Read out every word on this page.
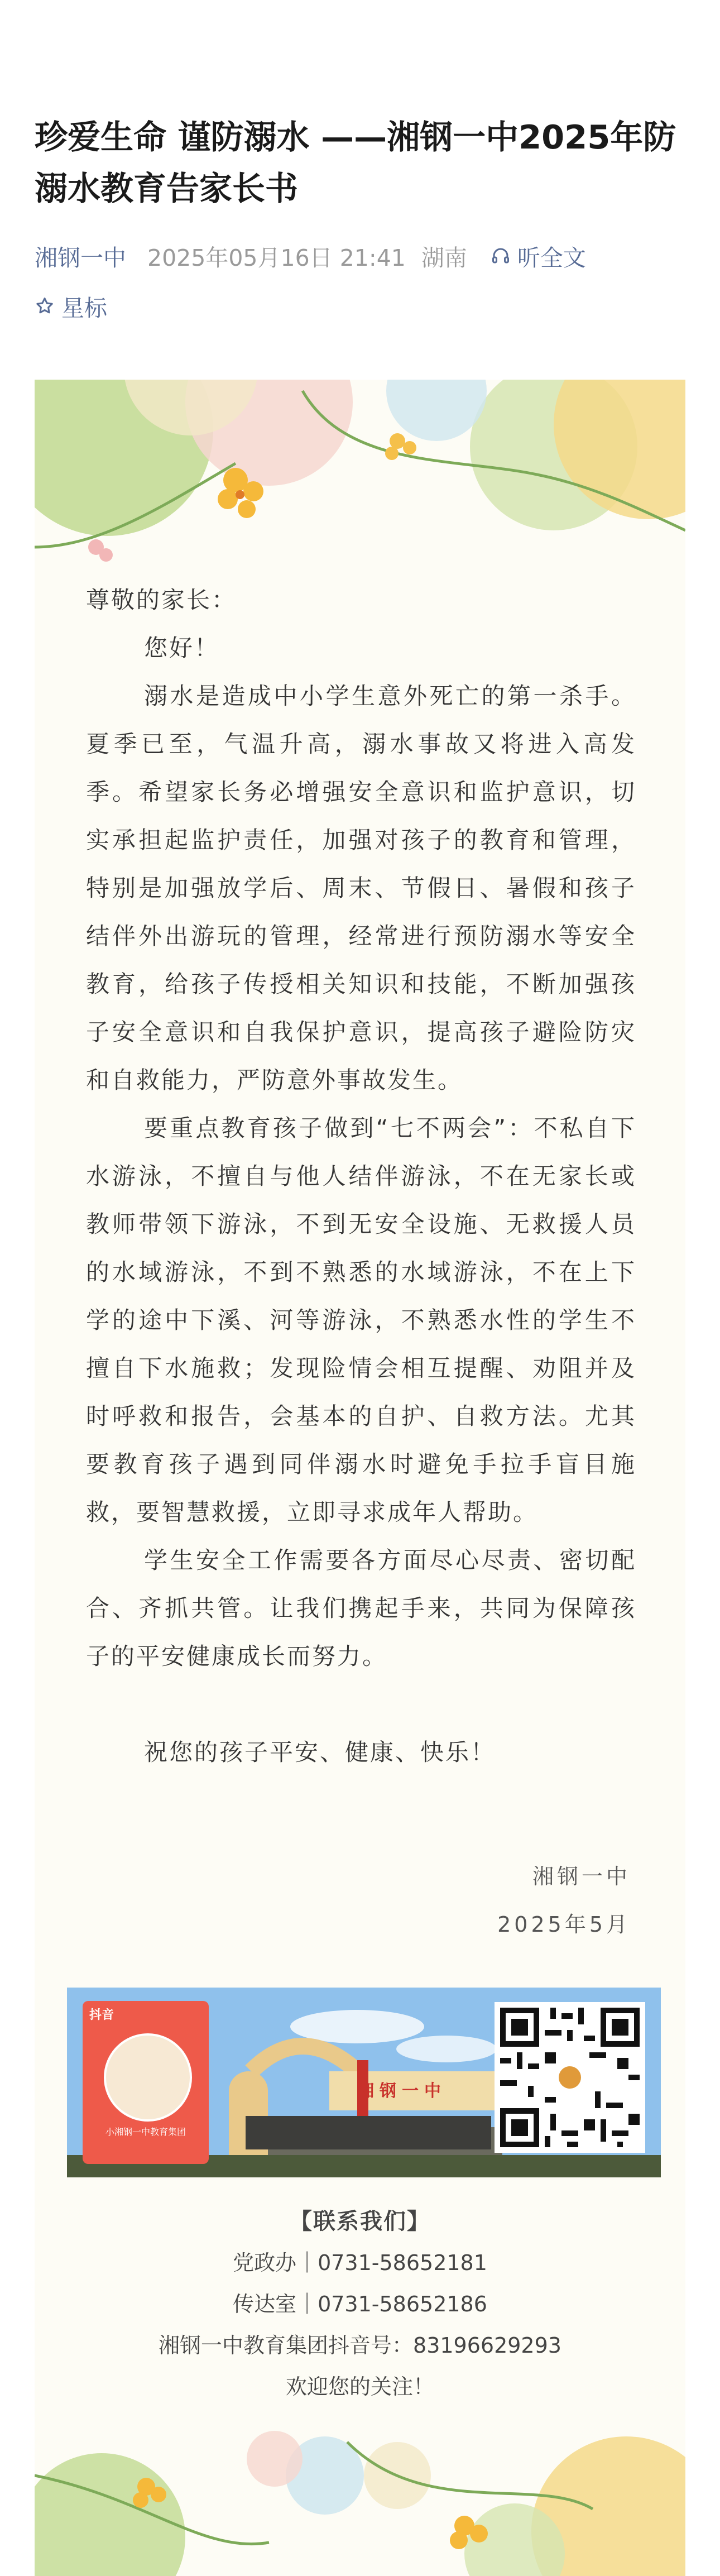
珍爱生命 谨防溺水 ——湘钢一中2025年防溺水教育告家长书
湘钢一中 2025年05月16日 21:41 湖南 听全文
星标

尊敬的家长：

您好！

溺水是造成中小学生意外死亡的第一杀手。夏季已至，气温升高，溺水事故又将进入高发季。希望家长务必增强安全意识和监护意识，切实承担起监护责任，加强对孩子的教育和管理，特别是加强放学后、周末、节假日、暑假和孩子结伴外出游玩的管理，经常进行预防溺水等安全教育，给孩子传授相关知识和技能，不断加强孩子安全意识和自我保护意识，提高孩子避险防灾和自救能力，严防意外事故发生。

要重点教育孩子做到“七不两会”：不私自下水游泳，不擅自与他人结伴游泳，不在无家长或教师带领下游泳，不到无安全设施、无救援人员的水域游泳，不到不熟悉的水域游泳，不在上下学的途中下溪、河等游泳，不熟悉水性的学生不擅自下水施救；发现险情会相互提醒、劝阻并及时呼救和报告，会基本的自护、自救方法。尤其要教育孩子遇到同伴溺水时避免手拉手盲目施救，要智慧救援，立即寻求成年人帮助。

学生安全工作需要各方面尽心尽责、密切配合、齐抓共管。让我们携起手来，共同为保障孩子的平安健康成长而努力。

祝您的孩子平安、健康、快乐！

湘钢一中
2025年5月
湘钢一中
抖音
小湘钢一中教育集团
【联系我们】
党政办｜0731-58652181
传达室｜0731-58652186
湘钢一中教育集团抖音号：83196629293
欢迎您的关注！
